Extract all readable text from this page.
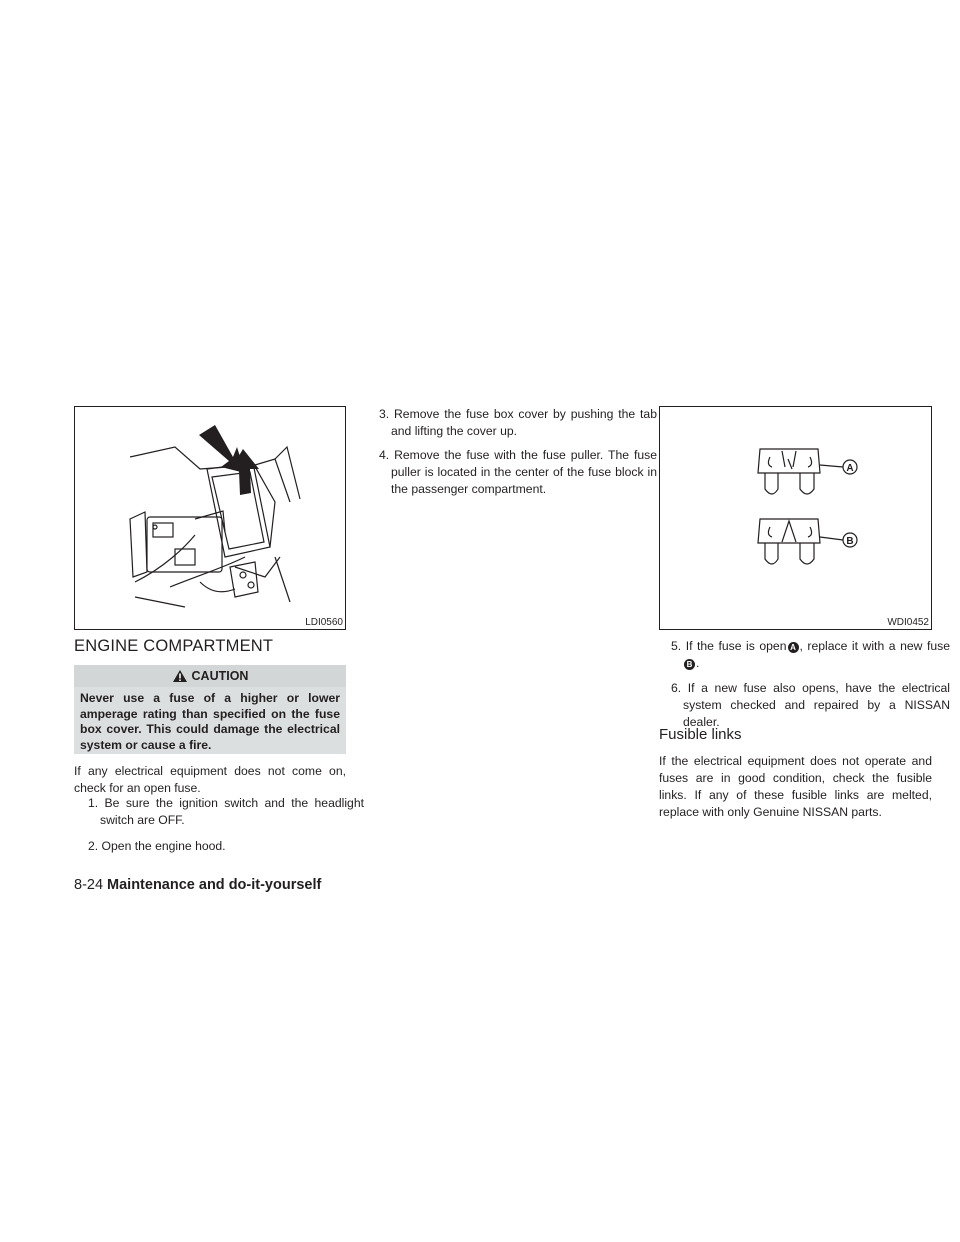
LDI0560
A
B
WDI0452
ENGINE COMPARTMENT
CAUTION

Never use a fuse of a higher or lower amperage rating than specified on the fuse box cover. This could damage the electrical system or cause a fire.

If any electrical equipment does not come on, check for an open fuse.

1. Be sure the ignition switch and the headlight switch are OFF.

2. Open the engine hood.

3. Remove the fuse box cover by pushing the tab and lifting the cover up.

4. Remove the fuse with the fuse puller. The fuse puller is located in the center of the fuse block in the passenger compartment.

5. If the fuse is open A , replace it with a new fuseB .

6. If a new fuse also opens, have the electrical system checked and repaired by a NISSAN dealer.

Fusible links

If the electrical equipment does not operate and fuses are in good condition, check the fusible links. If any of these fusible links are melted, replace with only Genuine NISSAN parts.

8-24 Maintenance and do-it-yourself
